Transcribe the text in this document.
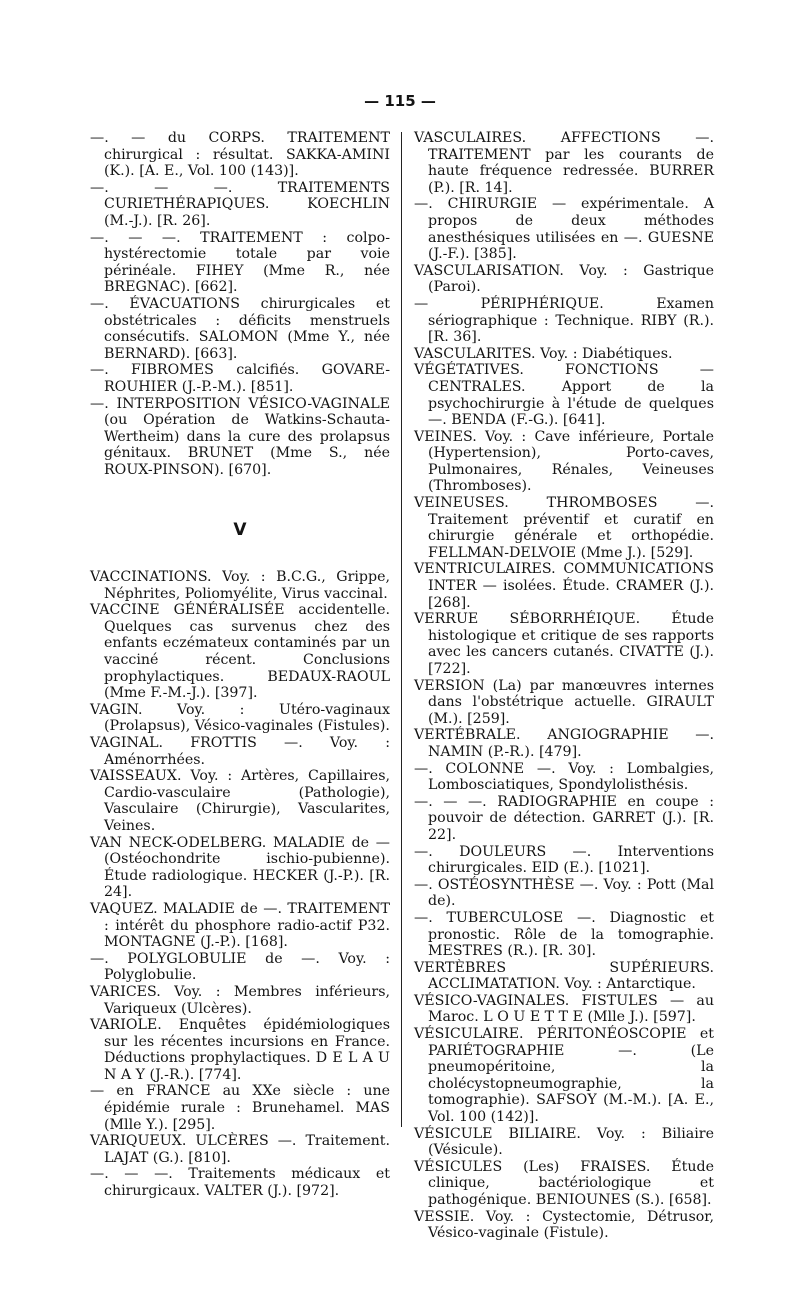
— 115 —

—. — du CORPS. TRAITEMENT chirurgical : résultat. SAKKA-AMINI (K.). [A. E., Vol. 100 (143)].

—. — —. TRAITEMENTS CURIETHÉRAPIQUES. KOECHLIN (M.-J.). [R. 26].

—. — —. TRAITEMENT : colpo-hystérectomie totale par voie périnéale. FIHEY (Mme R., née BREGNAC). [662].

—. ÉVACUATIONS chirurgicales et obstétricales : déficits menstruels consécutifs. SALOMON (Mme Y., née BERNARD). [663].

—. FIBROMES calcifiés. GOVARE-ROUHIER (J.-P.-M.). [851].

—. INTERPOSITION VÉSICO-VAGINALE (ou Opération de Watkins-Schauta-Wertheim) dans la cure des prolapsus génitaux. BRUNET (Mme S., née ROUX-PINSON). [670].

V

VACCINATIONS. Voy. : B.C.G., Grippe, Néphrites, Poliomyélite, Virus vaccinal.

VACCINE GÉNÉRALISÉE accidentelle. Quelques cas survenus chez des enfants eczémateux contaminés par un vacciné récent. Conclusions prophylactiques. BEDAUX-RAOUL (Mme F.-M.-J.). [397].

VAGIN. Voy. : Utéro-vaginaux (Prolapsus), Vésico-vaginales (Fistules).

VAGINAL. FROTTIS —. Voy. : Aménorrhées.

VAISSEAUX. Voy. : Artères, Capillaires, Cardio-vasculaire (Pathologie), Vasculaire (Chirurgie), Vascularites, Veines.

VAN NECK-ODELBERG. MALADIE de — (Ostéochondrite ischio-pubienne). Étude radiologique. HECKER (J.-P.). [R. 24].

VAQUEZ. MALADIE de —. TRAITEMENT : intérêt du phosphore radio-actif P32. MONTAGNE (J.-P.). [168].

—. POLYGLOBULIE de —. Voy. : Polyglobulie.

VARICES. Voy. : Membres inférieurs, Variqueux (Ulcères).

VARIOLE. Enquêtes épidémiologiques sur les récentes incursions en France. Déductions prophylactiques. D E L A U N A Y (J.-R.). [774].

— en FRANCE au XXe siècle : une épidémie rurale : Brunehamel. MAS (Mlle Y.). [295].

VARIQUEUX. ULCÈRES —. Traitement. LAJAT (G.). [810].

—. — —. Traitements médicaux et chirurgicaux. VALTER (J.). [972].

VASCULAIRES. AFFECTIONS —. TRAITEMENT par les courants de haute fréquence redressée. BURRER (P.). [R. 14].

—. CHIRURGIE — expérimentale. A propos de deux méthodes anesthésiques utilisées en —. GUESNE (J.-F.). [385].

VASCULARISATION. Voy. : Gastrique (Paroi).

— PÉRIPHÉRIQUE. Examen sériographique : Technique. RIBY (R.). [R. 36].

VASCULARITES. Voy. : Diabétiques.

VÉGÉTATIVES. FONCTIONS — CENTRALES. Apport de la psychochirurgie à l'étude de quelques —. BENDA (F.-G.). [641].

VEINES. Voy. : Cave inférieure, Portale (Hypertension), Porto-caves, Pulmonaires, Rénales, Veineuses (Thromboses).

VEINEUSES. THROMBOSES —. Traitement préventif et curatif en chirurgie générale et orthopédie. FELLMAN-DELVOIE (Mme J.). [529].

VENTRICULAIRES. COMMUNICATIONS INTER — isolées. Étude. CRAMER (J.). [268].

VERRUE SÉBORRHÉIQUE. Étude histologique et critique de ses rapports avec les cancers cutanés. CIVATTE (J.). [722].

VERSION (La) par manœuvres internes dans l'obstétrique actuelle. GIRAULT (M.). [259].

VERTÉBRALE. ANGIOGRAPHIE —. NAMIN (P.-R.). [479].

—. COLONNE —. Voy. : Lombalgies, Lombosciatiques, Spondylolisthésis.

—. — —. RADIOGRAPHIE en coupe : pouvoir de détection. GARRET (J.). [R. 22].

—. DOULEURS —. Interventions chirurgicales. EID (E.). [1021].

—. OSTÉOSYNTHÈSE —. Voy. : Pott (Mal de).

—. TUBERCULOSE —. Diagnostic et pronostic. Rôle de la tomographie. MESTRES (R.). [R. 30].

VERTÈBRES SUPÉRIEURS. ACCLIMATATION. Voy. : Antarctique.

VÉSICO-VAGINALES. FISTULES — au Maroc. L O U E T T E (Mlle J.). [597].

VÉSICULAIRE. PÉRITONÉOSCOPIE et PARIÉTOGRAPHIE —. (Le pneumopéritoine, la cholécystopneumographie, la tomographie). SAFSOY (M.-M.). [A. E., Vol. 100 (142)].

VÉSICULE BILIAIRE. Voy. : Biliaire (Vésicule).

VÉSICULES (Les) FRAISES. Étude clinique, bactériologique et pathogénique. BENIOUNES (S.). [658].

VESSIE. Voy. : Cystectomie, Détrusor, Vésico-vaginale (Fistule).
